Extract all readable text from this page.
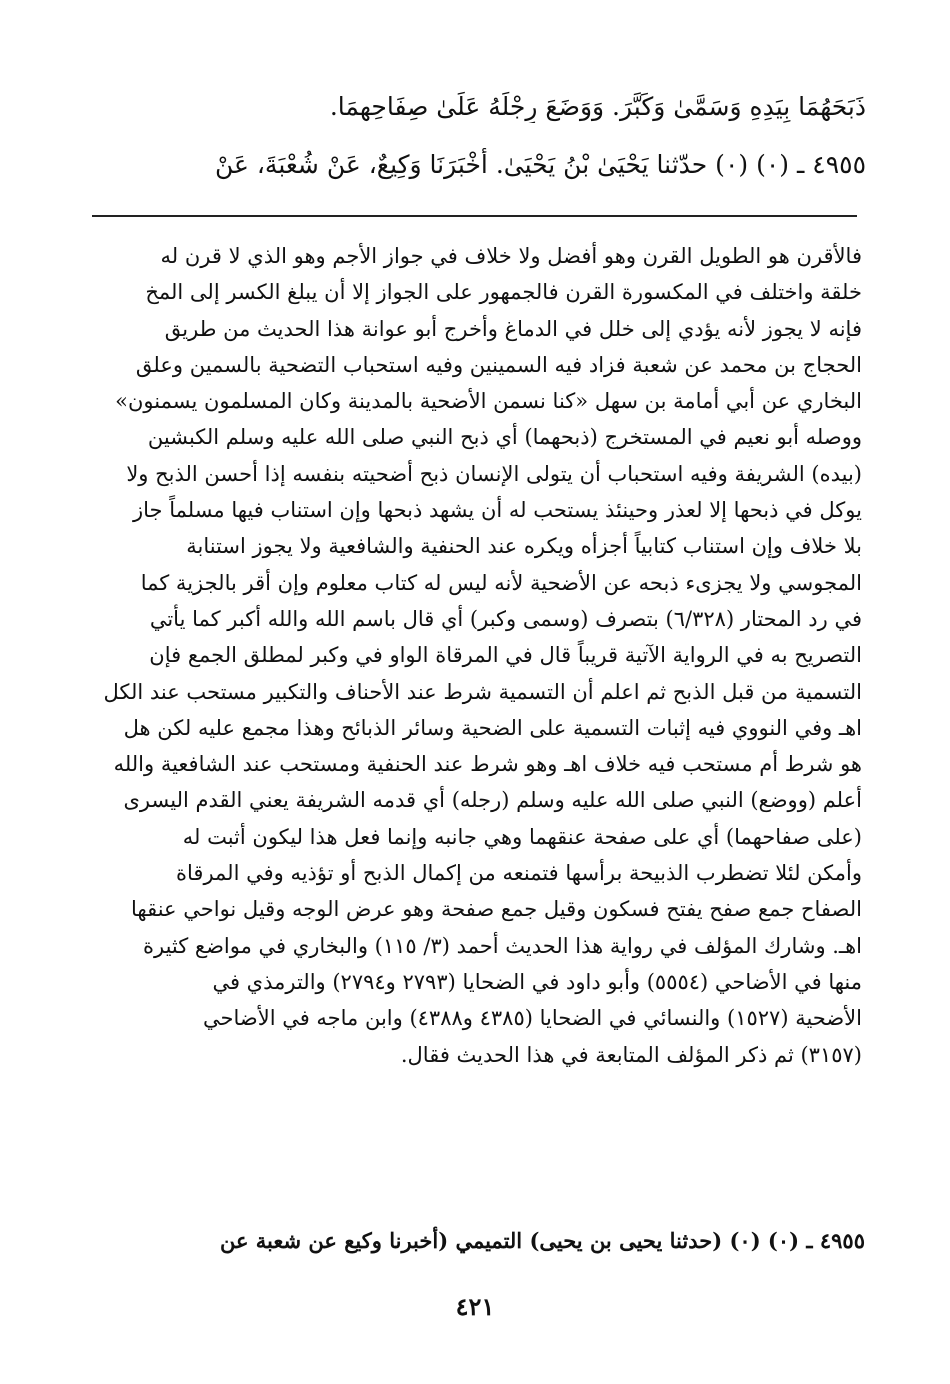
ذَبَحَهُمَا بِيَدِهِ وَسَمَّىٰ وَكَبَّرَ. وَوَضَعَ رِجْلَهُ عَلَىٰ صِفَاحِهِمَا.
٤٩٥٥ ـ (٠) (٠) حدّثنا يَحْيَىٰ بْنُ يَحْيَىٰ. أَخْبَرَنَا وَكِيعٌ، عَنْ شُعْبَةَ، عَنْ
فالأقرن هو الطويل القرن وهو أفضل ولا خلاف في جواز الأجم وهو الذي لا قرن له
خلقة واختلف في المكسورة القرن فالجمهور على الجواز إلا أن يبلغ الكسر إلى المخ
فإنه لا يجوز لأنه يؤدي إلى خلل في الدماغ وأخرج أبو عوانة هذا الحديث من طريق
الحجاج بن محمد عن شعبة فزاد فيه السمينين وفيه استحباب التضحية بالسمين وعلق
البخاري عن أبي أمامة بن سهل «كنا نسمن الأضحية بالمدينة وكان المسلمون يسمنون»
ووصله أبو نعيم في المستخرج (ذبحهما) أي ذبح النبي صلى الله عليه وسلم الكبشين
(بيده) الشريفة وفيه استحباب أن يتولى الإنسان ذبح أضحيته بنفسه إذا أحسن الذبح ولا
يوكل في ذبحها إلا لعذر وحينئذ يستحب له أن يشهد ذبحها وإن استناب فيها مسلماً جاز
بلا خلاف وإن استناب كتابياً أجزأه ويكره عند الحنفية والشافعية ولا يجوز استنابة
المجوسي ولا يجزىء ذبحه عن الأضحية لأنه ليس له كتاب معلوم وإن أقر بالجزية كما
في رد المحتار (٦/٣٢٨) بتصرف (وسمى وكبر) أي قال باسم الله والله أكبر كما يأتي
التصريح به في الرواية الآتية قريباً قال في المرقاة الواو في وكبر لمطلق الجمع فإن
التسمية من قبل الذبح ثم اعلم أن التسمية شرط عند الأحناف والتكبير مستحب عند الكل
اهـ وفي النووي فيه إثبات التسمية على الضحية وسائر الذبائح وهذا مجمع عليه لكن هل
هو شرط أم مستحب فيه خلاف اهـ وهو شرط عند الحنفية ومستحب عند الشافعية والله
أعلم (ووضع) النبي صلى الله عليه وسلم (رجله) أي قدمه الشريفة يعني القدم اليسرى
(على صفاحهما) أي على صفحة عنقهما وهي جانبه وإنما فعل هذا ليكون أثبت له
وأمكن لئلا تضطرب الذبيحة برأسها فتمنعه من إكمال الذبح أو تؤذيه وفي المرقاة
الصفاح جمع صفح يفتح فسكون وقيل جمع صفحة وهو عرض الوجه وقيل نواحي عنقها
اهـ. وشارك المؤلف في رواية هذا الحديث أحمد (٣/ ١١٥) والبخاري في مواضع كثيرة
منها في الأضاحي (٥٥٥٤) وأبو داود في الضحايا (٢٧٩٣ و٢٧٩٤) والترمذي في
الأضحية (١٥٢٧) والنسائي في الضحايا (٤٣٨٥ و٤٣٨٨) وابن ماجه في الأضاحي
(٣١٥٧) ثم ذكر المؤلف المتابعة في هذا الحديث فقال.
٤٩٥٥ ـ (٠) (٠) (حدثنا يحيى بن يحيى) التميمي (أخبرنا وكيع عن شعبة عن
٤٢١
